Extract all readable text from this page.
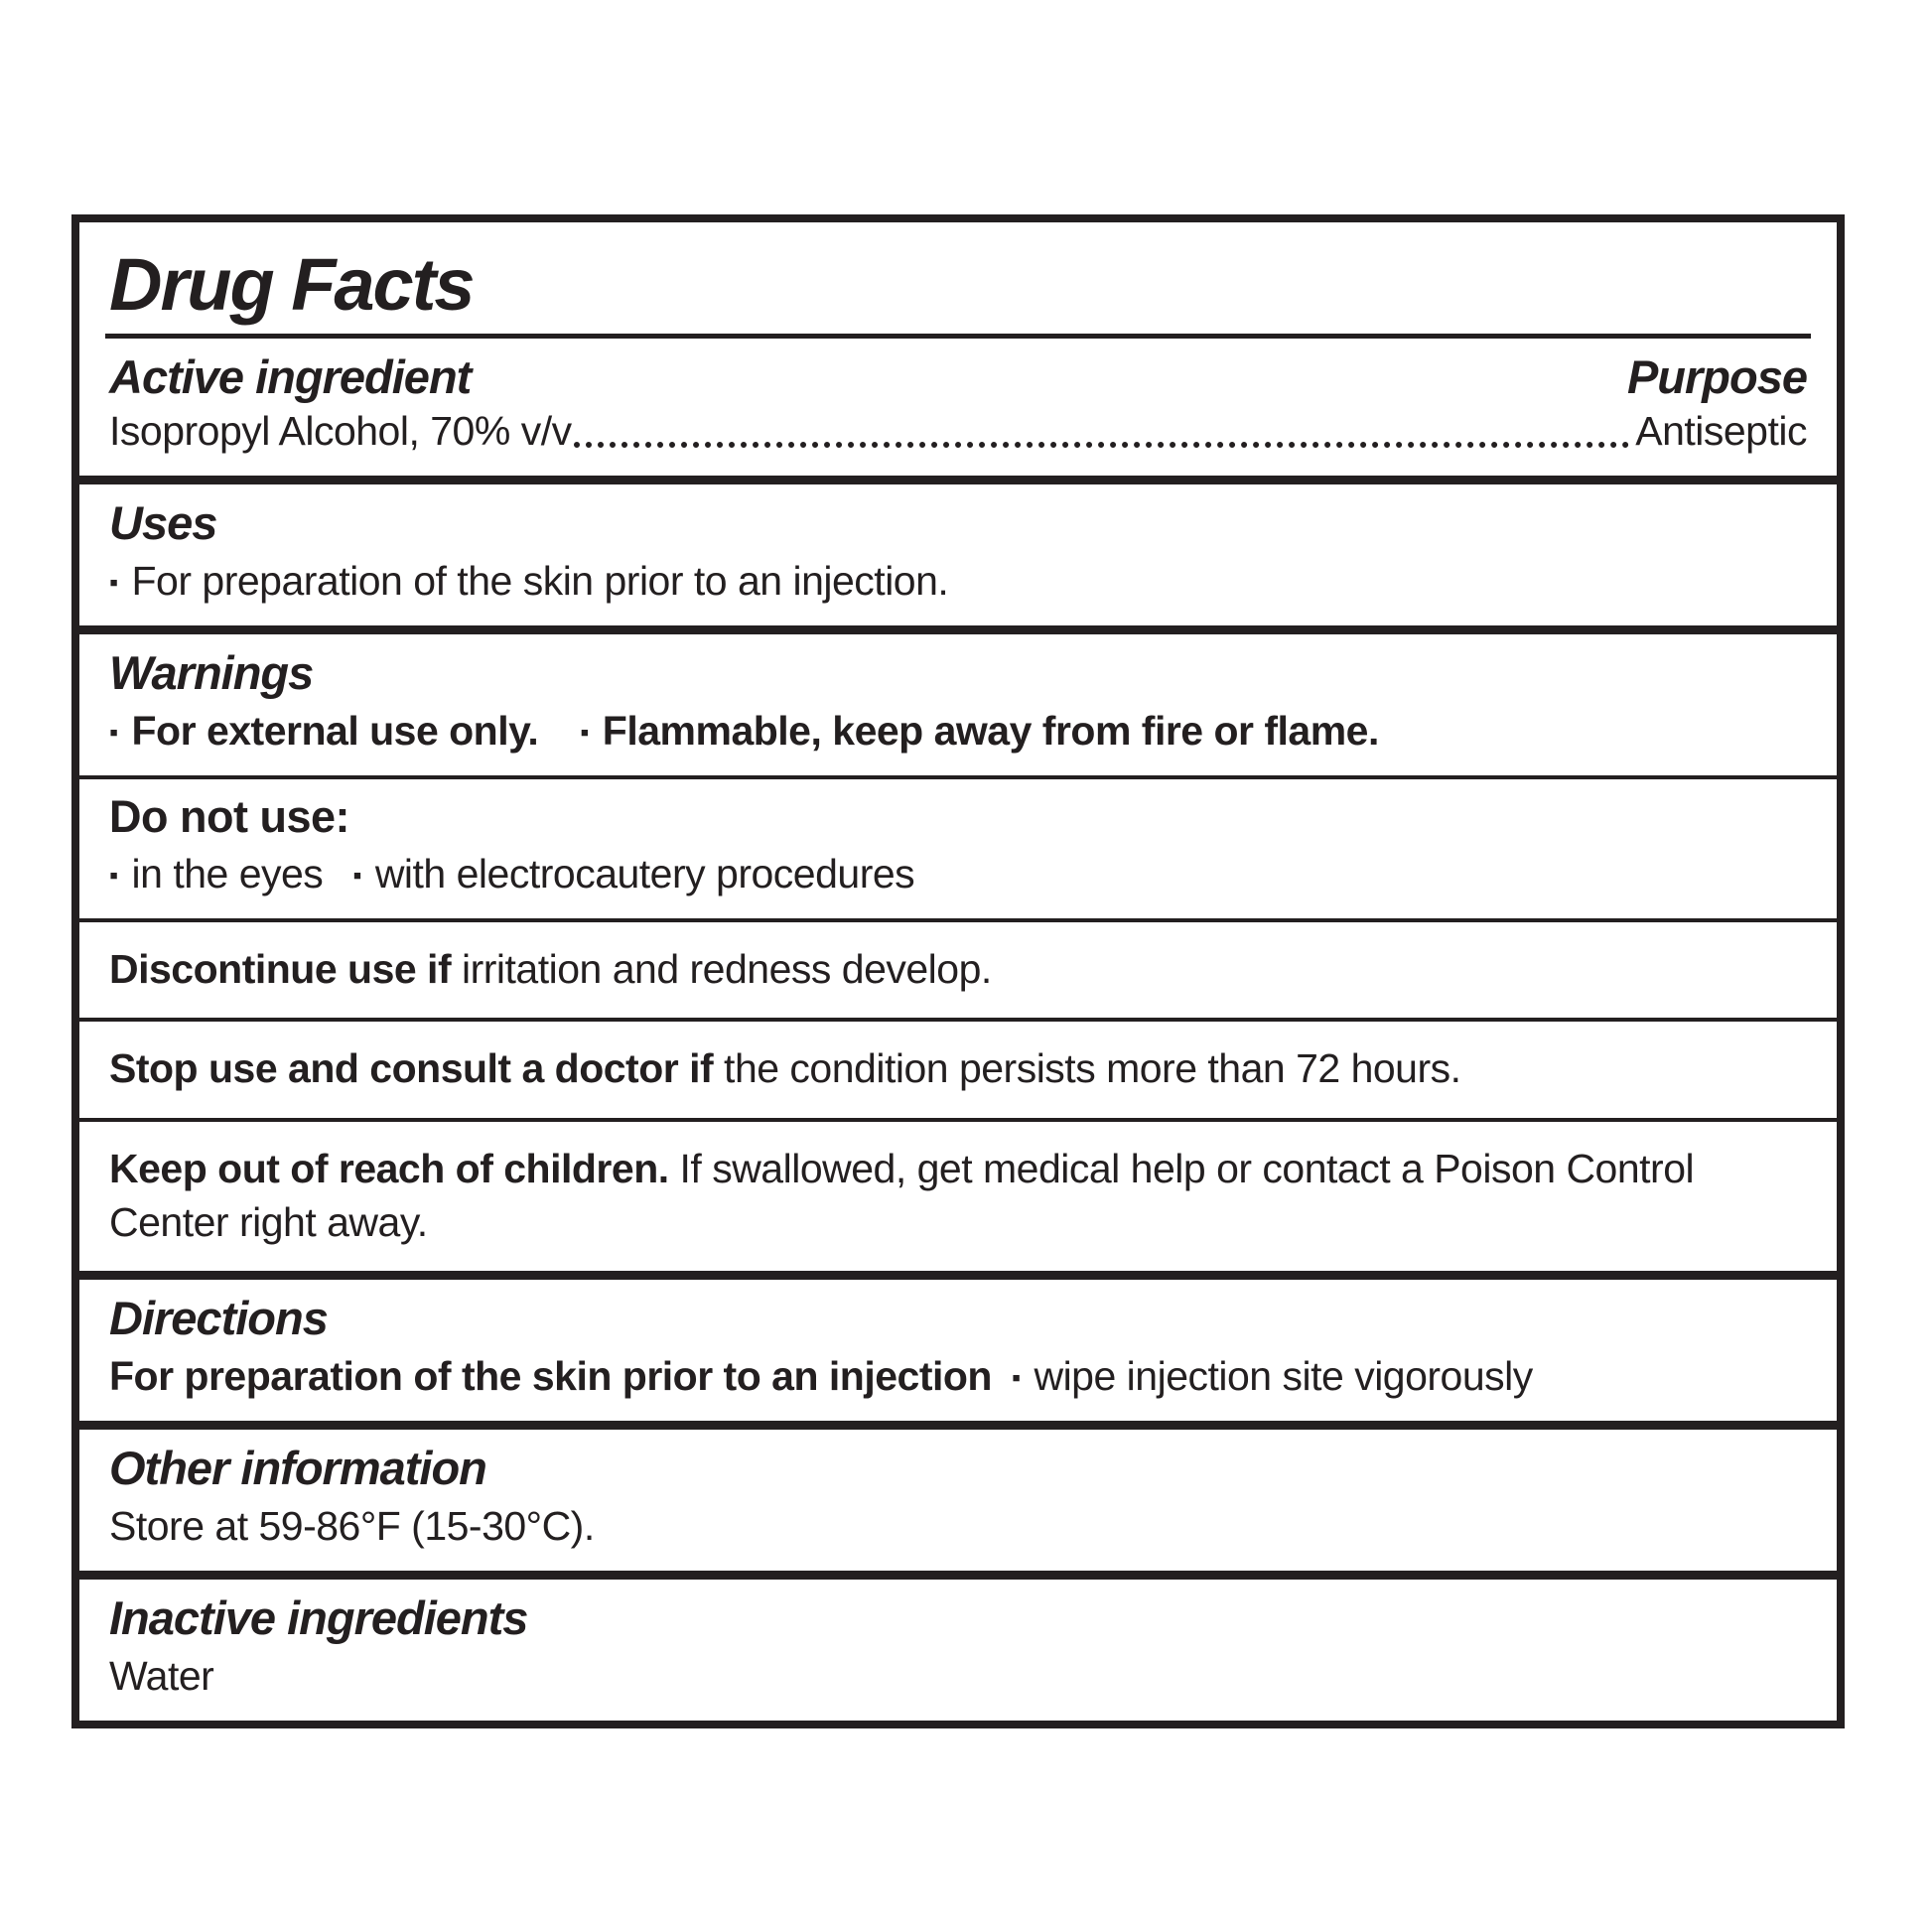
Drug Facts
Active ingredient	Purpose
Isopropyl Alcohol, 70% v/v	Antiseptic
Uses

▪ For preparation of the skin prior to an injection.

Warnings

▪ For external use only. ▪ Flammable, keep away from fire or flame.

Do not use:

▪ in the eyes ▪ with electrocautery procedures

Discontinue use if irritation and redness develop.

Stop use and consult a doctor if the condition persists more than 72 hours.

Keep out of reach of children. If swallowed, get medical help or contact a Poison Control Center right away.

Directions

For preparation of the skin prior to an injection ▪ wipe injection site vigorously

Other information

Store at 59-86°F (15-30°C).

Inactive ingredients

Water
